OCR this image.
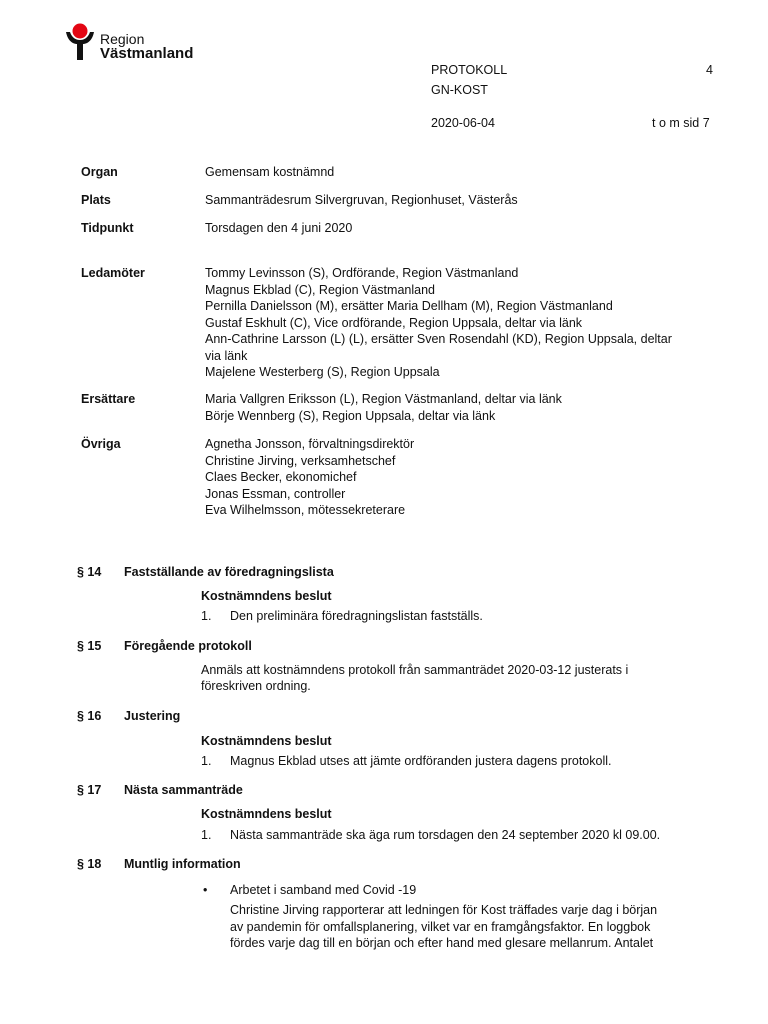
Region
Västmanland
PROTOKOLL	4
GN-KOST
2020-06-04	t o m sid 7
Organ	Gemensam kostnämnd
Plats	Sammanträdesrum Silvergruvan, Regionhuset, Västerås
Tidpunkt	Torsdagen den 4 juni 2020
Ledamöter	Tommy Levinsson (S), Ordförande, Region Västmanland
Magnus Ekblad (C), Region Västmanland
Pernilla Danielsson (M), ersätter Maria Dellham (M), Region Västmanland
Gustaf Eskhult (C), Vice ordförande, Region Uppsala, deltar via länk
Ann-Cathrine Larsson (L) (L), ersätter Sven Rosendahl (KD), Region Uppsala, deltar
via länk
Majelene Westerberg (S), Region Uppsala
Ersättare	Maria Vallgren Eriksson (L), Region Västmanland, deltar via länk
Börje Wennberg (S), Region Uppsala, deltar via länk
Övriga	Agnetha Jonsson, förvaltningsdirektör
Christine Jirving, verksamhetschef
Claes Becker, ekonomichef
Jonas Essman, controller
Eva Wilhelmsson, mötessekreterare
§ 14 Fastställande av föredragningslista
Kostnämndens beslut
1. Den preliminära föredragningslistan fastställs.
§ 15 Föregående protokoll
Anmäls att kostnämndens protokoll från sammanträdet 2020-03-12 justerats i
föreskriven ordning.
§ 16 Justering
Kostnämndens beslut
1. Magnus Ekblad utses att jämte ordföranden justera dagens protokoll.
§ 17 Nästa sammanträde
Kostnämndens beslut
1. Nästa sammanträde ska äga rum torsdagen den 24 september 2020 kl 09.00.
§ 18 Muntlig information
• Arbetet i samband med Covid -19
Christine Jirving rapporterar att ledningen för Kost träffades varje dag i början
av pandemin för omfallsplanering, vilket var en framgångsfaktor. En loggbok
fördes varje dag till en början och efter hand med glesare mellanrum. Antalet
